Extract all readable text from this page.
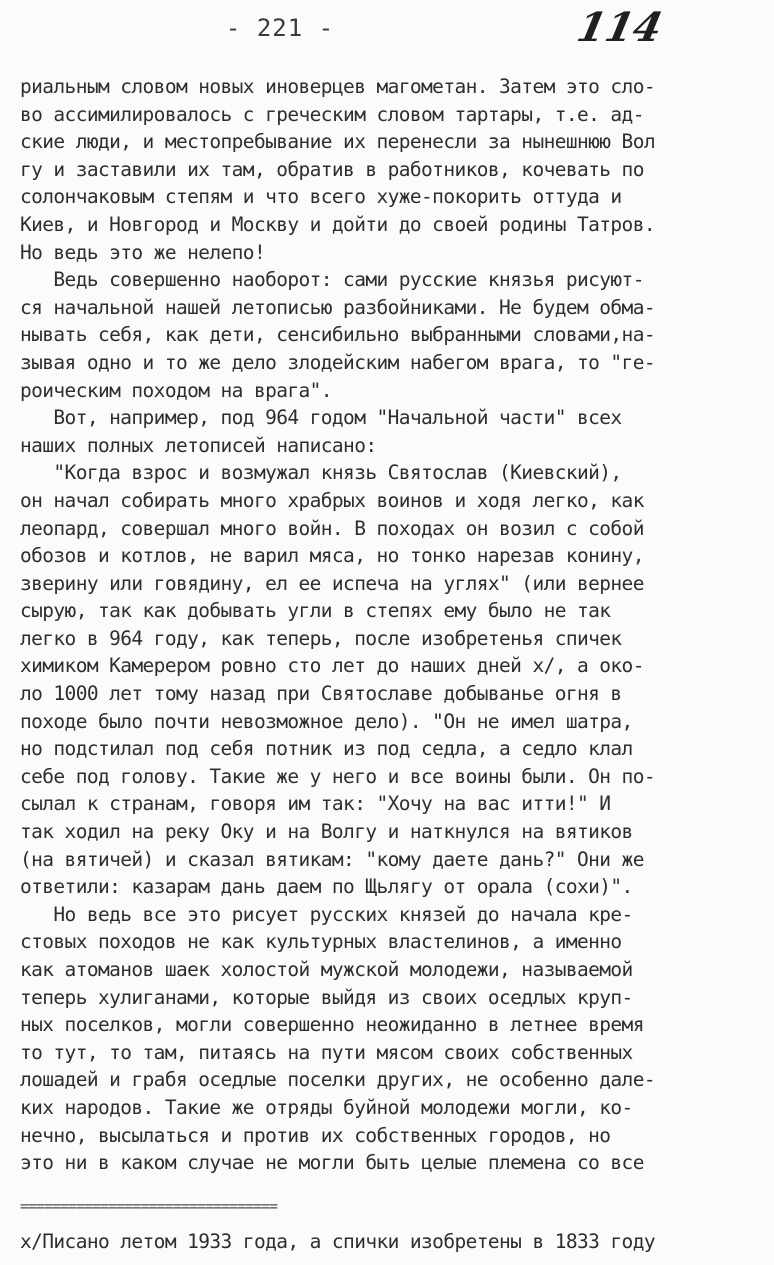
- 221 -	114
риальным словом новых иноверцев магометан. Затем это сло-
во ассимилировалось с греческим словом тартары, т.е. ад-
ские люди, и местопребывание их перенесли за нынешнюю Вол
гу и заставили их там, обратив в работников, кочевать по
солончаковым степям и что всего хуже-покорить оттуда и
Киев, и Новгород и Москву и дойти до своей родины Татров.
Но ведь это же нелепо!
Ведь совершенно наоборот: сами русские князья рисуют-
ся начальной нашей летописью разбойниками. Не будем обма-
нывать себя, как дети, сенсибильно выбранными словами,на-
зывая одно и то же дело злодейским набегом врага, то "ге-
роическим походом на врага".
Вот, например, под 964 годом "Начальной части" всех
наших полных летописей написано:
"Когда взрос и возмужал князь Святослав (Киевский),
он начал собирать много храбрых воинов и ходя легко, как
леопард, совершал много войн. В походах он возил с собой
обозов и котлов, не варил мяса, но тонко нарезав конину,
зверину или говядину, ел ее испеча на углях" (или вернее
сырую, так как добывать угли в степях ему было не так
легко в 964 году, как теперь, после изобретенья спичек
химиком Камерером ровно сто лет до наших дней x/, а око-
ло 1000 лет тому назад при Святославе добыванье огня в
походе было почти невозможное дело). "Он не имел шатра,
но подстилал под себя потник из под седла, а седло клал
себе под голову. Такие же у него и все воины были. Он по-
сылал к странам, говоря им так: "Хочу на вас итти!" И
так ходил на реку Оку и на Волгу и наткнулся на вятиков
(на вятичей) и сказал вятикам: "кому даете дань?" Они же
ответили: казарам дань даем по Щьлягу от орала (сохи)".
Но ведь все это рисует русских князей до начала кре-
стовых походов не как культурных властелинов, а именно
как атоманов шаек холостой мужской молодежи, называемой
теперь хулиганами, которые выйдя из своих оседлых круп-
ных поселков, могли совершенно неожиданно в летнее время
то тут, то там, питаясь на пути мясом своих собственных
лошадей и грабя оседлые поселки других, не особенно дале-
ких народов. Такие же отряды буйной молодежи могли, ко-
нечно, высылаться и против их собственных городов, но
это ни в каком случае не могли быть целые племена со все
================================
x/Писано летом 1933 года, а спички изобретены в 1833 году
